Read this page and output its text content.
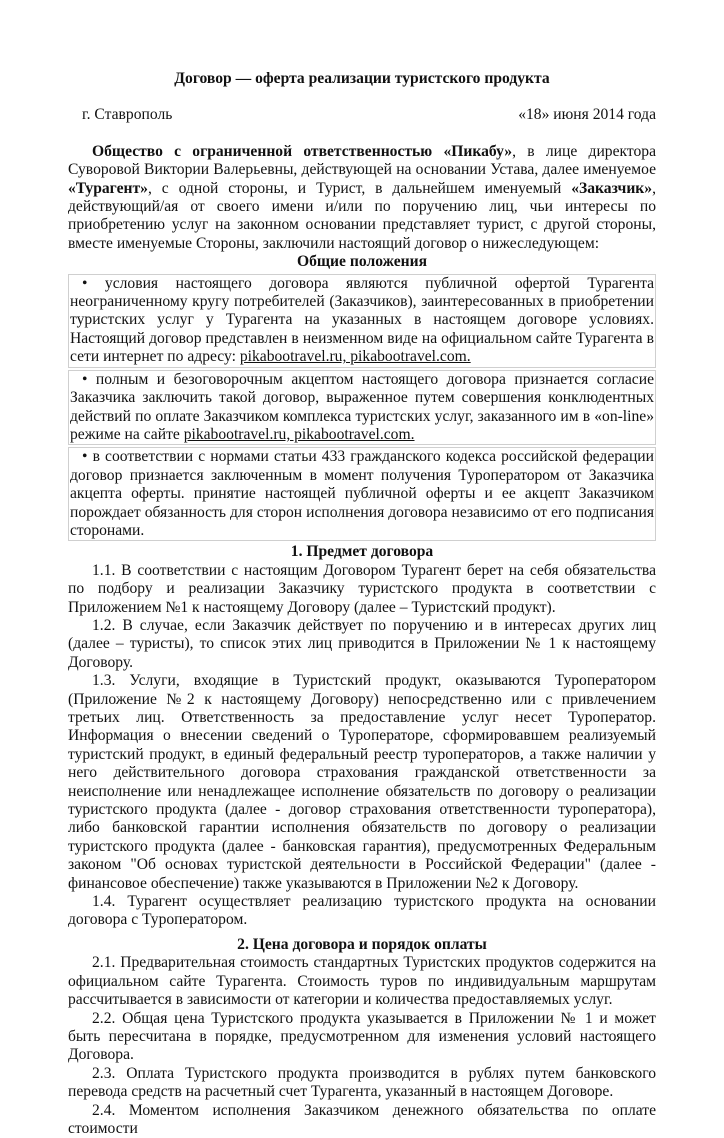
Договор — оферта реализации туристского продукта

г. Ставрополь	«18» июня 2014 года

Общество с ограниченной ответственностью «Пикабу», в лице директора Суворовой Виктории Валерьевны, действующей на основании Устава, далее именуемое «Турагент», с одной стороны, и Турист, в дальнейшем именуемый «Заказчик», действующий/ая от своего имени и/или по поручению лиц, чьи интересы по приобретению услуг на законном основании представляет турист, с другой стороны, вместе именуемые Стороны, заключили настоящий договор о нижеследующем:

Общие положения

• условия настоящего договора являются публичной офертой Турагента неограниченному кругу потребителей (Заказчиков), заинтересованных в приобретении туристских услуг у Турагента на указанных в настоящем договоре условиях. Настоящий договор представлен в неизменном виде на официальном сайте Турагента в сети интернет по адресу: pikabootravel.ru, pikabootravel.com.

• полным и безоговорочным акцептом настоящего договора признается согласие Заказчика заключить такой договор, выраженное путем совершения конклюдентных действий по оплате Заказчиком комплекса туристских услуг, заказанного им в «on-line» режиме на сайте pikabootravel.ru, pikabootravel.com.

• в соответствии с нормами статьи 433 гражданского кодекса российской федерации договор признается заключенным в момент получения Туроператором от Заказчика акцепта оферты. принятие настоящей публичной оферты и ее акцепт Заказчиком порождает обязанность для сторон исполнения договора независимо от его подписания сторонами.

1. Предмет договора

1.1. В соответствии с настоящим Договором Турагент берет на себя обязательства по подбору и реализации Заказчику туристского продукта в соответствии с Приложением №1 к настоящему Договору (далее – Туристский продукт).

1.2. В случае, если Заказчик действует по поручению и в интересах других лиц (далее – туристы), то список этих лиц приводится в Приложении № 1 к настоящему Договору.

1.3. Услуги, входящие в Туристский продукт, оказываются Туроператором (Приложение №2 к настоящему Договору) непосредственно или с привлечением третьих лиц. Ответственность за предоставление услуг несет Туроператор. Информация о внесении сведений о Туроператоре, сформировавшем реализуемый туристский продукт, в единый федеральный реестр туроператоров, а также наличии у него действительного договора страхования гражданской ответственности за неисполнение или ненадлежащее исполнение обязательств по договору о реализации туристского продукта (далее - договор страхования ответственности туроператора), либо банковской гарантии исполнения обязательств по договору о реализации туристского продукта (далее - банковская гарантия), предусмотренных Федеральным законом "Об основах туристской деятельности в Российской Федерации" (далее - финансовое обеспечение) также указываются в Приложении №2 к Договору.

1.4. Турагент осуществляет реализацию туристского продукта на основании договора с Туроператором.

2. Цена договора и порядок оплаты

2.1. Предварительная стоимость стандартных Туристских продуктов содержится на официальном сайте Турагента. Стоимость туров по индивидуальным маршрутам рассчитывается в зависимости от категории и количества предоставляемых услуг.

2.2. Общая цена Туристского продукта указывается в Приложении № 1 и может быть пересчитана в порядке, предусмотренном для изменения условий настоящего Договора.

2.3. Оплата Туристского продукта производится в рублях путем банковского перевода средств на расчетный счет Турагента, указанный в настоящем Договоре.

2.4. Моментом исполнения Заказчиком денежного обязательства по оплате стоимости
